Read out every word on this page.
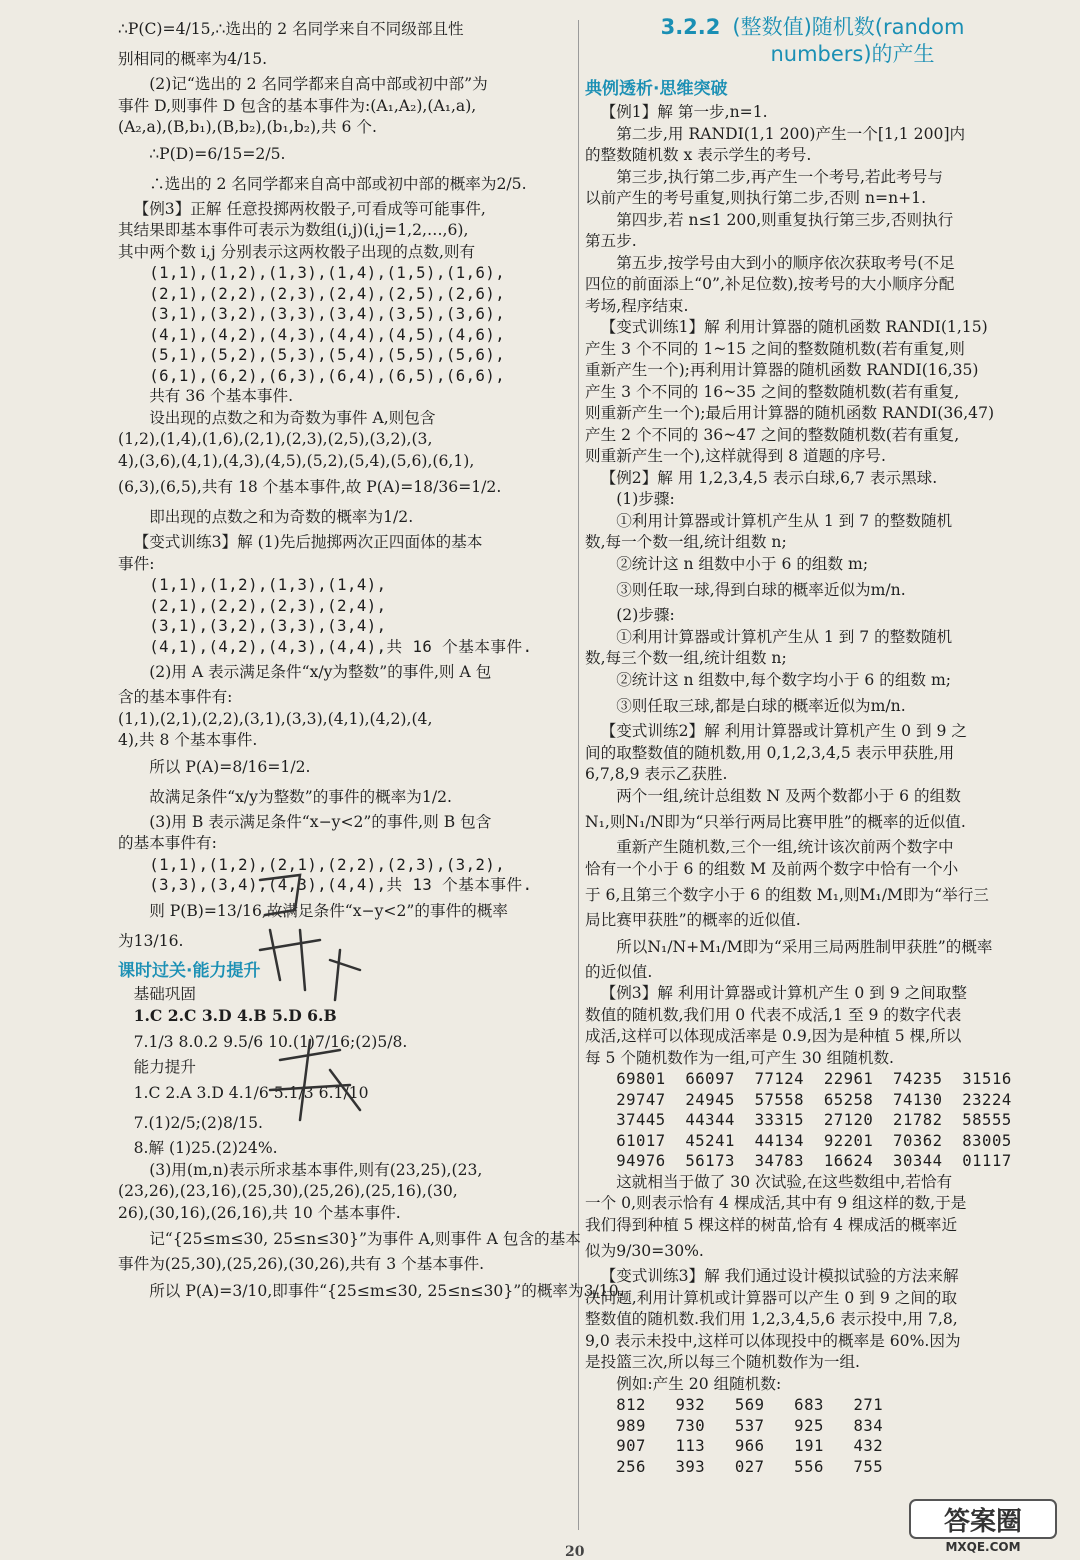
∴P(C)=4/15,∴选出的 2 名同学来自不同级部且性
别相同的概率为4/15.
(2)记“选出的 2 名同学都来自高中部或初中部”为
事件 D,则事件 D 包含的基本事件为:(A₁,A₂),(A₁,a),
(A₂,a),(B,b₁),(B,b₂),(b₁,b₂),共 6 个.
∴P(D)=6/15=2/5.
∴选出的 2 名同学都来自高中部或初中部的概率为2/5.
【例3】正解 任意投掷两枚骰子,可看成等可能事件,
其结果即基本事件可表示为数组(i,j)(i,j=1,2,…,6),
其中两个数 i,j 分别表示这两枚骰子出现的点数,则有
(1,1),(1,2),(1,3),(1,4),(1,5),(1,6),
(2,1),(2,2),(2,3),(2,4),(2,5),(2,6),
(3,1),(3,2),(3,3),(3,4),(3,5),(3,6),
(4,1),(4,2),(4,3),(4,4),(4,5),(4,6),
(5,1),(5,2),(5,3),(5,4),(5,5),(5,6),
(6,1),(6,2),(6,3),(6,4),(6,5),(6,6),
共有 36 个基本事件.
设出现的点数之和为奇数为事件 A,则包含
(1,2),(1,4),(1,6),(2,1),(2,3),(2,5),(3,2),(3,
4),(3,6),(4,1),(4,3),(4,5),(5,2),(5,4),(5,6),(6,1),
(6,3),(6,5),共有 18 个基本事件,故 P(A)=18/36=1/2.
即出现的点数之和为奇数的概率为1/2.
【变式训练3】解 (1)先后抛掷两次正四面体的基本
事件:
(1,1),(1,2),(1,3),(1,4),
(2,1),(2,2),(2,3),(2,4),
(3,1),(3,2),(3,3),(3,4),
(4,1),(4,2),(4,3),(4,4),共 16 个基本事件.
(2)用 A 表示满足条件“x/y为整数”的事件,则 A 包
含的基本事件有:
(1,1),(2,1),(2,2),(3,1),(3,3),(4,1),(4,2),(4,
4),共 8 个基本事件.
所以 P(A)=8/16=1/2.
故满足条件“x/y为整数”的事件的概率为1/2.
(3)用 B 表示满足条件“x−y<2”的事件,则 B 包含
的基本事件有:
(1,1),(1,2),(2,1),(2,2),(2,3),(3,2),
(3,3),(3,4),(4,3),(4,4),共 13 个基本事件.
则 P(B)=13/16,故满足条件“x−y<2”的事件的概率
为13/16.
课时过关·能力提升
基础巩固
1.C 2.C 3.D 4.B 5.D 6.B
7.1/3 8.0.2 9.5/6 10.(1)7/16;(2)5/8.
能力提升
1.C 2.A 3.D 4.1/6 5.1/3 6.1/10
7.(1)2/5;(2)8/15.
8.解 (1)25.(2)24%.
(3)用(m,n)表示所求基本事件,则有(23,25),(23,
(23,26),(23,16),(25,30),(25,26),(25,16),(30,
26),(30,16),(26,16),共 10 个基本事件.
记“{25≤m≤30, 25≤n≤30}”为事件 A,则事件 A 包含的基本
事件为(25,30),(25,26),(30,26),共有 3 个基本事件.
所以 P(A)=3/10,即事件“{25≤m≤30, 25≤n≤30}”的概率为3/10.
3.2.2 (整数值)随机数(random
numbers)的产生
典例透析·思维突破
【例1】解 第一步,n=1.
第二步,用 RANDI(1,1 200)产生一个[1,1 200]内
的整数随机数 x 表示学生的考号.
第三步,执行第二步,再产生一个考号,若此考号与
以前产生的考号重复,则执行第二步,否则 n=n+1.
第四步,若 n≤1 200,则重复执行第三步,否则执行
第五步.
第五步,按学号由大到小的顺序依次获取考号(不足
四位的前面添上“0”,补足位数),按考号的大小顺序分配
考场,程序结束.
【变式训练1】解 利用计算器的随机函数 RANDI(1,15)
产生 3 个不同的 1~15 之间的整数随机数(若有重复,则
重新产生一个);再利用计算器的随机函数 RANDI(16,35)
产生 3 个不同的 16~35 之间的整数随机数(若有重复,
则重新产生一个);最后用计算器的随机函数 RANDI(36,47)
产生 2 个不同的 36~47 之间的整数随机数(若有重复,
则重新产生一个),这样就得到 8 道题的序号.
【例2】解 用 1,2,3,4,5 表示白球,6,7 表示黑球.
(1)步骤:
①利用计算器或计算机产生从 1 到 7 的整数随机
数,每一个数一组,统计组数 n;
②统计这 n 组数中小于 6 的组数 m;
③则任取一球,得到白球的概率近似为m/n.
(2)步骤:
①利用计算器或计算机产生从 1 到 7 的整数随机
数,每三个数一组,统计组数 n;
②统计这 n 组数中,每个数字均小于 6 的组数 m;
③则任取三球,都是白球的概率近似为m/n.
【变式训练2】解 利用计算器或计算机产生 0 到 9 之
间的取整数值的随机数,用 0,1,2,3,4,5 表示甲获胜,用
6,7,8,9 表示乙获胜.
两个一组,统计总组数 N 及两个数都小于 6 的组数
N₁,则N₁/N即为“只举行两局比赛甲胜”的概率的近似值.
重新产生随机数,三个一组,统计该次前两个数字中
恰有一个小于 6 的组数 M 及前两个数字中恰有一个小
于 6,且第三个数字小于 6 的组数 M₁,则M₁/M即为“举行三
局比赛甲获胜”的概率的近似值.
所以N₁/N+M₁/M即为“采用三局两胜制甲获胜”的概率
的近似值.
【例3】解 利用计算器或计算机产生 0 到 9 之间取整
数值的随机数,我们用 0 代表不成活,1 至 9 的数字代表
成活,这样可以体现成活率是 0.9,因为是种植 5 棵,所以
每 5 个随机数作为一组,可产生 30 组随机数.
69801  66097  77124  22961  74235  31516
29747  24945  57558  65258  74130  23224
37445  44344  33315  27120  21782  58555
61017  45241  44134  92201  70362  83005
94976  56173  34783  16624  30344  01117
这就相当于做了 30 次试验,在这些数组中,若恰有
一个 0,则表示恰有 4 棵成活,其中有 9 组这样的数,于是
我们得到种植 5 棵这样的树苗,恰有 4 棵成活的概率近
似为9/30=30%.
【变式训练3】解 我们通过设计模拟试验的方法来解
决问题,利用计算机或计算器可以产生 0 到 9 之间的取
整数值的随机数.我们用 1,2,3,4,5,6 表示投中,用 7,8,
9,0 表示未投中,这样可以体现投中的概率是 60%.因为
是投篮三次,所以每三个随机数作为一组.
例如:产生 20 组随机数:
812   932   569   683   271
989   730   537   925   834
907   113   966   191   432
256   393   027   556   755
20
答案圈
MXQE.COM
